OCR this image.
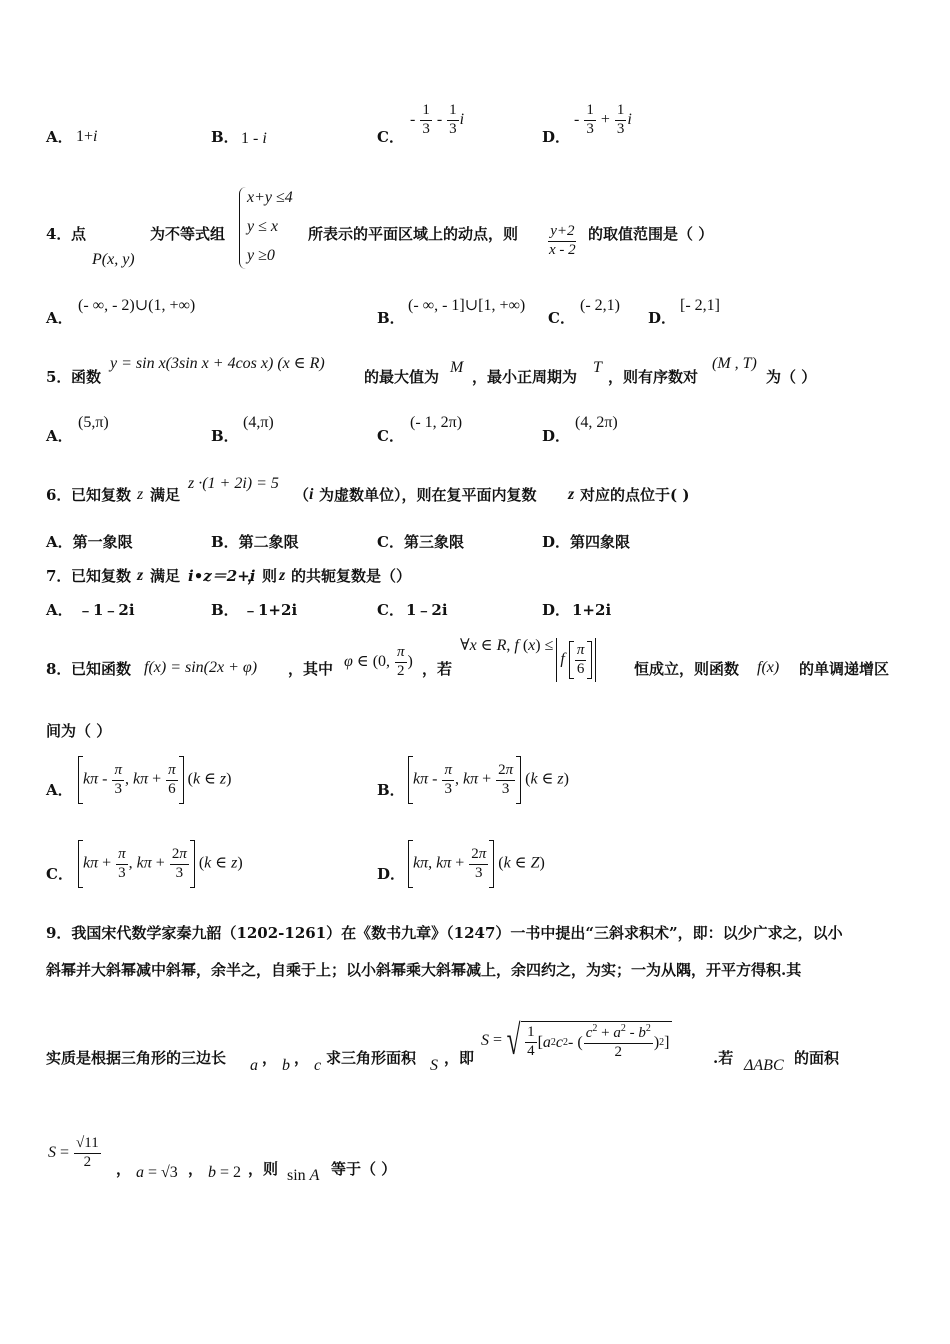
A． 1+i	B． 1 - i	C．
- $\frac{1}{3} - \frac{1}{3}$ i
D．
- $\frac{1}{3} + \frac{1}{3}$ i
4． 点
P(x, y)
为不等式组
x+y ≤4
y ≤ x
y ≥0
所表示的平面区域上的动点，则 $\frac{y+2}{x - 2}$ 的取值范围是（ ）
A．
(- ∞, - 2)∪(1, +∞)
B．
(- ∞, - 1]∪[1, +∞)
C．
(- 2,1)
D．
[- 2,1]
5． 函数
y = sin x(3sin x + 4cos x) (x ∈ R)
的最大值为
M
，最小正周期为
T
，则有序数对
(M , T)
为（ ）
A．
(5,π)
B．
(4,π)
C．
(- 1, 2π)
D．
(4, 2π)
6． 已知复数 z 满足
z ·(1 + 2i) = 5
（ i 为虚数单位），则在复平面内复数 z 对应的点位于( )
A．第一象限	B．第二象限	C．第三象限	D．第四象限
7． 已知复数 z 满足 i•z＝2+i
，则 z 的共轭复数是（）
A． ﹣1﹣2i	B． ﹣1+2i	C． 1﹣2i	D． 1+2i
8． 已知函数 f(x) = sin(2x + φ) ，其中 φ ∈ (0, $\frac{\pi}{2}$ ) ，若
∀x ∈ R, f $(x) \le f \frac{\pi}{6}$	恒成立，则函数 f(x) 的单调递增区
间为（ ）
A．
kπ - $\frac{\pi}{3}$ , $k\pi + \frac{\pi}{6} (k$ ∈ z)
B．
kπ - $\frac{\pi}{3}$ , $k\pi + \frac{2\pi}{3} (k$ ∈ z)
C．
$k\pi + \frac{\pi}{3}$ , $k\pi + \frac{2\pi}{3} (k$ ∈ z)
D．
kπ, $k\pi + \frac{2\pi}{3} (k$ ∈ Z)
9．我国宋代数学家秦九韶（1202-1261）在《数书九章》（1247）一书中提出“三斜求积术”，即：以少广求之，以小
斜幂并大斜幂减中斜幂，余半之，自乘于上；以小斜幂乘大斜幂减上，余四约之，为实；一为从隅，开平方得积.其
实质是根据三角形的三边长 a ， b ， c 求三角形面积 S ，即
S = √ $\frac{1}{4}$ [ a 2 c 2 - ( $\frac{c^2 + a^2 - b^2}{2}$ ) 2 ]
.若 ΔABC 的面积
$S = \frac{√11}{2}$ ， a = √3 ， b = 2 ，则 sin A 等于（ ）
